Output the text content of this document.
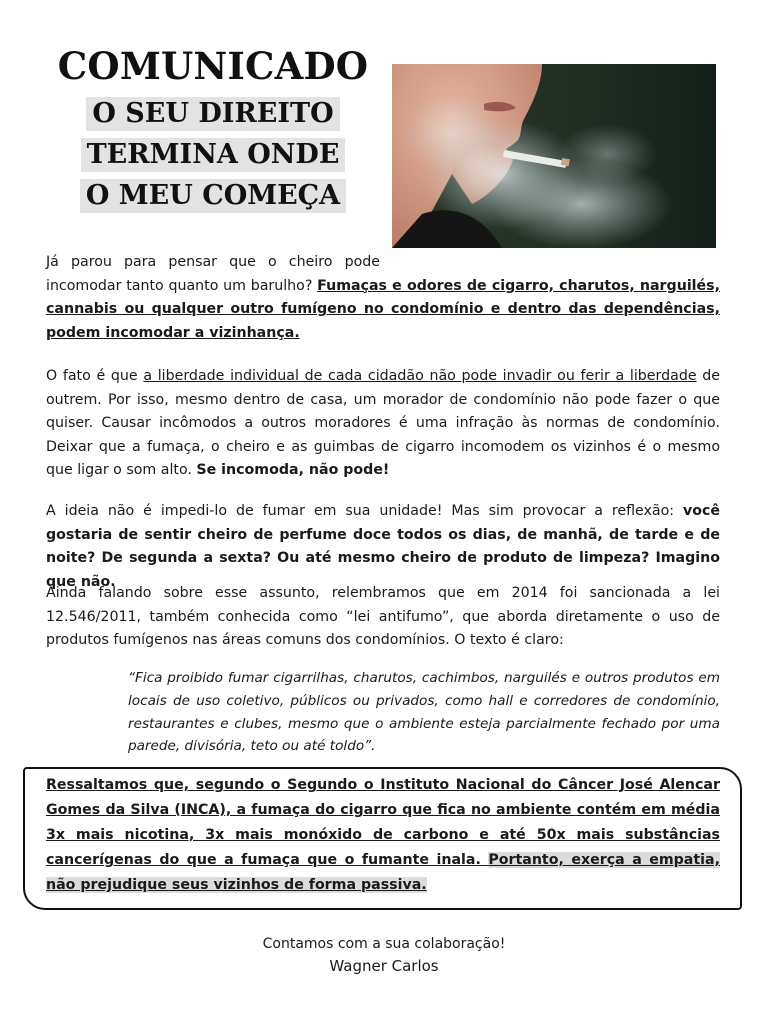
COMUNICADO
O SEU DIREITO
TERMINA ONDE
O MEU COMEÇA
Já parou para pensar que o cheiro pode
incomodar tanto quanto um barulho? Fumaças e odores de cigarro, charutos, narguilés, cannabis ou qualquer outro fumígeno no condomínio e dentro das dependências, podem incomodar a vizinhança.
O fato é que a liberdade individual de cada cidadão não pode invadir ou ferir a liberdade de outrem. Por isso, mesmo dentro de casa, um morador de condomínio não pode fazer o que quiser. Causar incômodos a outros moradores é uma infração às normas de condomínio. Deixar que a fumaça, o cheiro e as guimbas de cigarro incomodem os vizinhos é o mesmo que ligar o som alto. Se incomoda, não pode!
A ideia não é impedi-lo de fumar em sua unidade! Mas sim provocar a reflexão: você gostaria de sentir cheiro de perfume doce todos os dias, de manhã, de tarde e de noite? De segunda a sexta? Ou até mesmo cheiro de produto de limpeza? Imagino que não.
Ainda falando sobre esse assunto, relembramos que em 2014 foi sancionada a lei 12.546/2011, também conhecida como “lei antifumo”, que aborda diretamente o uso de produtos fumígenos nas áreas comuns dos condomínios. O texto é claro:
“Fica proibido fumar cigarrilhas, charutos, cachimbos, narguilés e outros produtos em locais de uso coletivo, públicos ou privados, como hall e corredores de condomínio, restaurantes e clubes, mesmo que o ambiente esteja parcialmente fechado por uma parede, divisória, teto ou até toldo”.
Ressaltamos que, segundo o Segundo o Instituto Nacional do Câncer José Alencar Gomes da Silva (INCA), a fumaça do cigarro que fica no ambiente contém em média 3x mais nicotina, 3x mais monóxido de carbono e até 50x mais substâncias cancerígenas do que a fumaça que o fumante inala. Portanto, exerça a empatia, não prejudique seus vizinhos de forma passiva.
Contamos com a sua colaboração!
Wagner Carlos
